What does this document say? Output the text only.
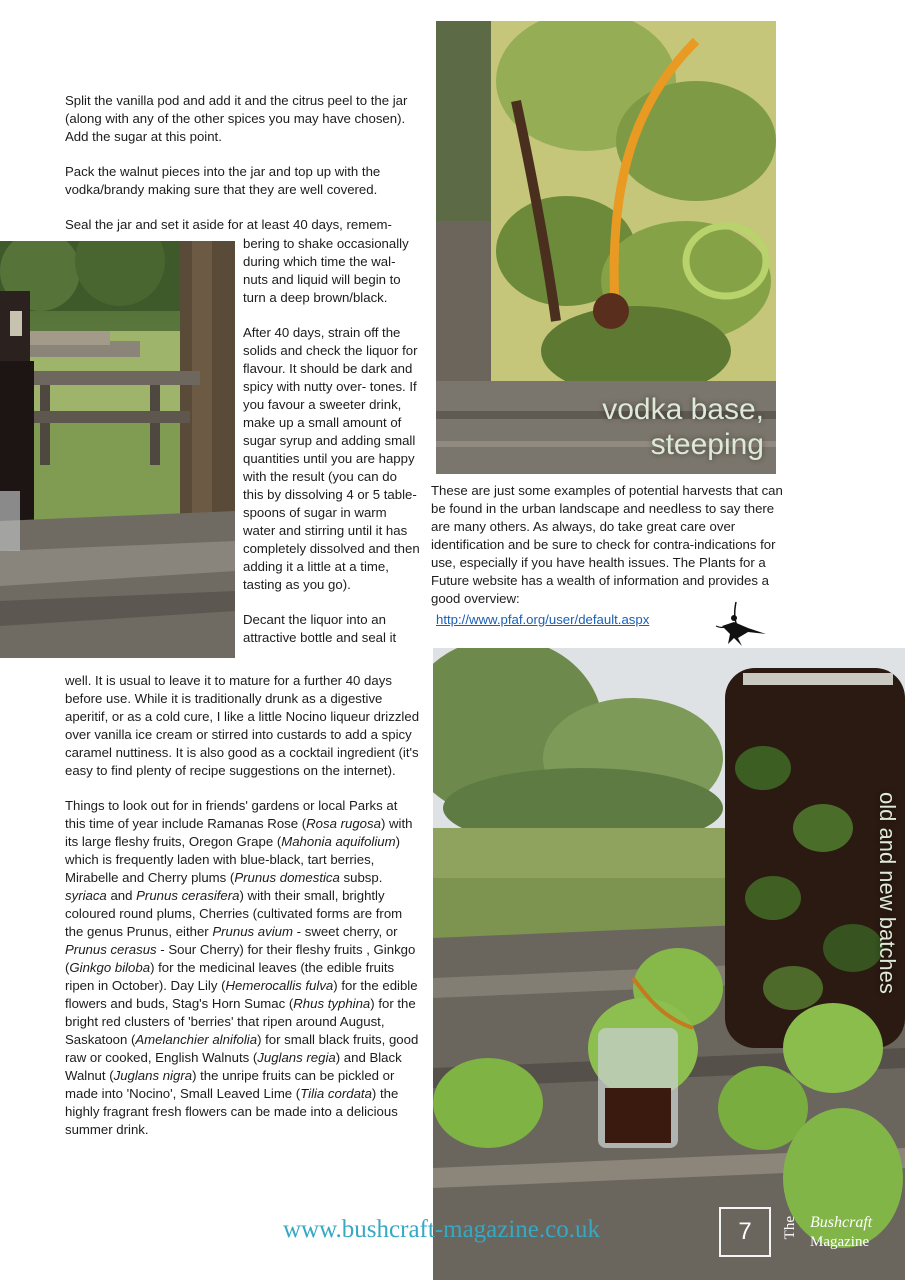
Split the vanilla pod and add it and the citrus peel to the jar (along with any of the other spices you may have chosen). Add the sugar at this point.

Pack the walnut pieces into the jar and top up with the vodka/brandy making sure that they are well covered.

Seal the jar and set it aside for at least 40 days, remem-

bering to shake occasionally during which time the wal- nuts and liquid will begin to turn a deep brown/black.

After 40 days, strain off the solids and check the liquor for flavour. It should be dark and spicy with nutty over- tones. If you favour a sweeter drink, make up a small amount of sugar syrup and adding small quantities until you are happy with the result (you can do this by dissolving 4 or 5 table- spoons of sugar in warm water and stirring until it has completely dissolved and then adding it a little at a time, tasting as you go).

Decant the liquor into an attractive bottle and seal it

well. It is usual to leave it to mature for a further 40 days before use. While it is traditionally drunk as a digestive aperitif, or as a cold cure, I like a little Nocino liqueur drizzled over vanilla ice cream or stirred into custards to add a spicy caramel nuttiness. It is also good as a cocktail ingredient (it's easy to find plenty of recipe suggestions on the internet).

Things to look out for in friends' gardens or local Parks at this time of year include Ramanas Rose (Rosa rugosa) with its large fleshy fruits, Oregon Grape (Mahonia aquifolium) which is frequently laden with blue-black, tart berries, Mirabelle and Cherry plums (Prunus domestica subsp. syriaca and Prunus cerasifera) with their small, brightly coloured round plums, Cherries (cultivated forms are from the genus Prunus, either Prunus avium - sweet cherry, or Prunus cerasus - Sour Cherry) for their fleshy fruits , Ginkgo (Ginkgo biloba) for the medicinal leaves (the edible fruits ripen in October). Day Lily (Hemerocallis fulva) for the edible flowers and buds, Stag's Horn Sumac (Rhus typhina) for the bright red clusters of 'berries' that ripen around August, Saskatoon (Amelanchier alnifolia) for small black fruits, good raw or cooked, English Walnuts (Juglans regia) and Black Walnut (Juglans nigra) the unripe fruits can be pickled or made into 'Nocino', Small Leaved Lime (Tilia cordata) the highly fragrant fresh flowers can be made into a delicious summer drink.

vodka base,
steeping

These are just some examples of potential harvests that can be found in the urban landscape and needless to say there are many others. As always, do take great care over identification and be sure to check for contra-indications for use, especially if you have health issues. The Plants for a Future website has a wealth of information and provides a good overview:

http://www.pfaf.org/user/default.aspx
old and new batches
www.bushcraft-magazine.co.uk	7	The Bushcraft
Magazine
